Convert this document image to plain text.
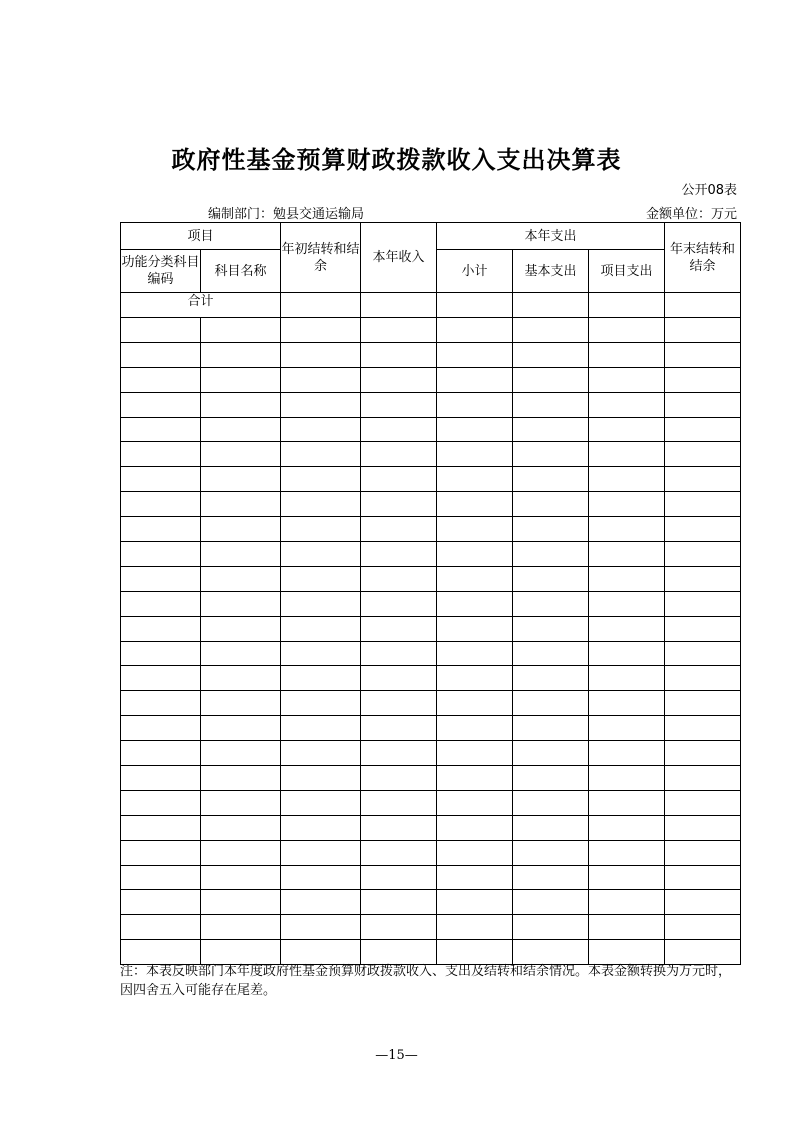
政府性基金预算财政拨款收入支出决算表
公开08表
编制部门：勉县交通运输局	金额单位：万元
项目		年初结转和结余	本年收入	本年支出			年末结转和结余
功能分类科目编码	科目名称			小计	基本支出	项目支出	
合计							

注：本表反映部门本年度政府性基金预算财政拨款收入、支出及结转和结余情况。本表金额转换为万元时，因四舍五入可能存在尾差。
—15—
